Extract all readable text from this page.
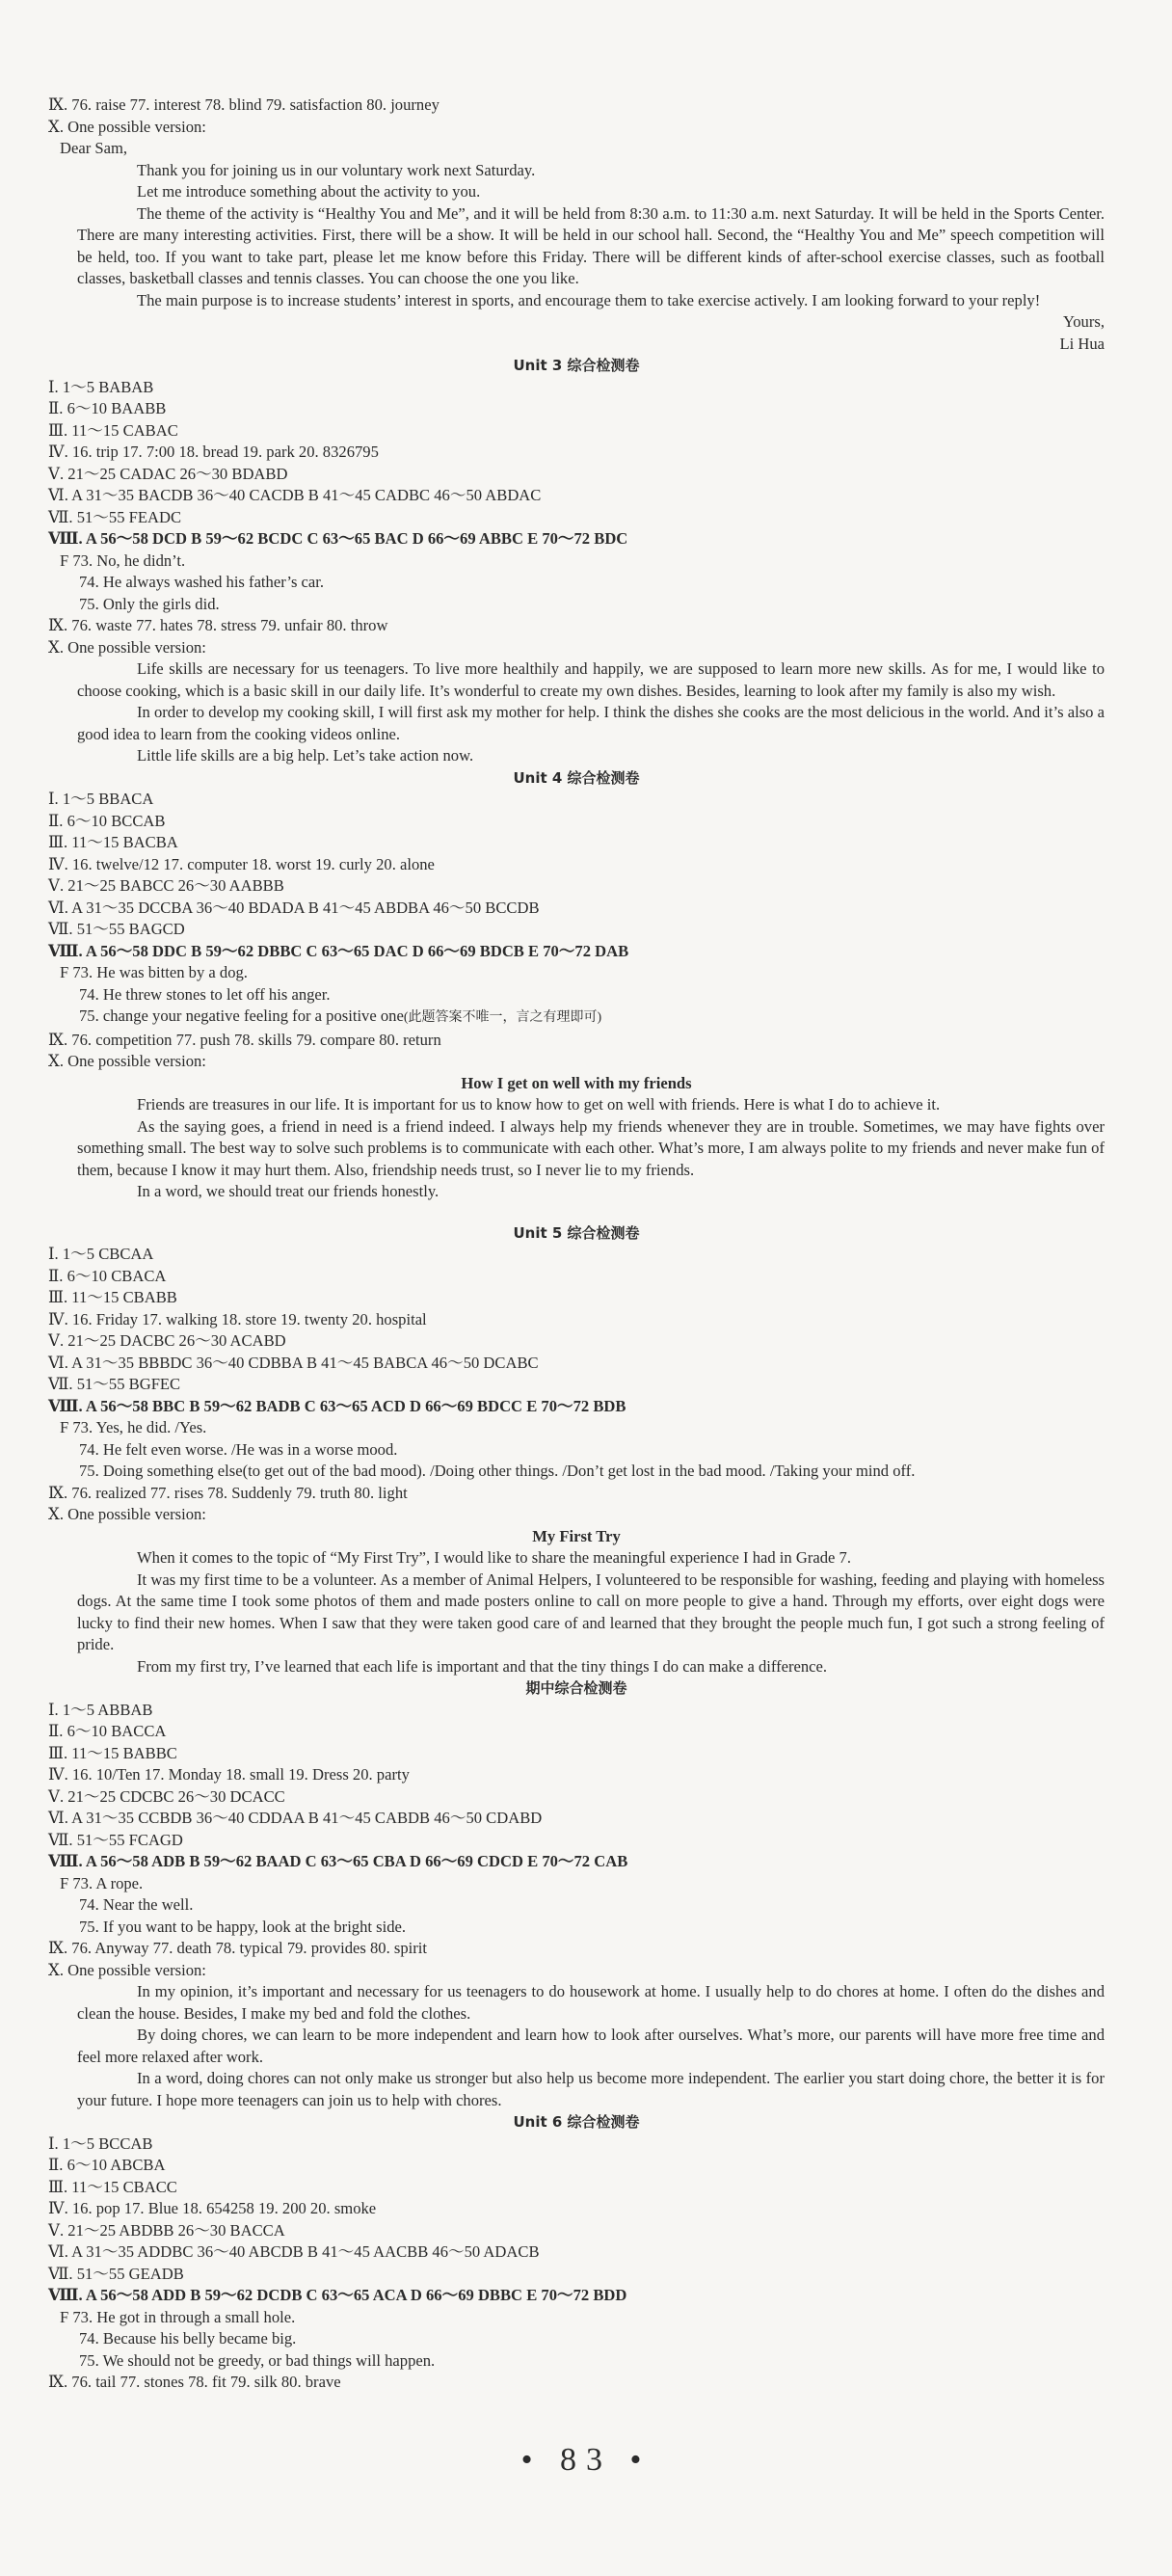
Ⅸ. 76. raise 77. interest 78. blind 79. satisfaction 80. journey
Ⅹ. One possible version:
Dear Sam,
Thank you for joining us in our voluntary work next Saturday.
Let me introduce something about the activity to you.
The theme of the activity is “Healthy You and Me”, and it will be held from 8:30 a.m. to 11:30 a.m. next Saturday. It will be held in the Sports Center. There are many interesting activities. First, there will be a show. It will be held in our school hall. Second, the “Healthy You and Me” speech competition will be held, too. If you want to take part, please let me know before this Friday. There will be different kinds of after-school exercise classes, such as football classes, basketball classes and tennis classes. You can choose the one you like.
The main purpose is to increase students’ interest in sports, and encourage them to take exercise actively. I am looking forward to your reply!
Yours,
Li Hua
Unit 3 综合检测卷
Ⅰ. 1～5 BABAB
Ⅱ. 6～10 BAABB
Ⅲ. 11～15 CABAC
Ⅳ. 16. trip 17. 7:00 18. bread 19. park 20. 8326795
Ⅴ. 21～25 CADAC 26～30 BDABD
Ⅵ. A 31～35 BACDB 36～40 CACDB B 41～45 CADBC 46～50 ABDAC
Ⅶ. 51～55 FEADC
Ⅷ. A 56～58 DCD B 59～62 BCDC C 63～65 BAC D 66～69 ABBC E 70～72 BDC
F 73. No, he didn’t.
74. He always washed his father’s car.
75. Only the girls did.
Ⅸ. 76. waste 77. hates 78. stress 79. unfair 80. throw
Ⅹ. One possible version:
Life skills are necessary for us teenagers. To live more healthily and happily, we are supposed to learn more new skills. As for me, I would like to choose cooking, which is a basic skill in our daily life. It’s wonderful to create my own dishes. Besides, learning to look after my family is also my wish.
In order to develop my cooking skill, I will first ask my mother for help. I think the dishes she cooks are the most delicious in the world. And it’s also a good idea to learn from the cooking videos online.
Little life skills are a big help. Let’s take action now.
Unit 4 综合检测卷
Ⅰ. 1～5 BBACA
Ⅱ. 6～10 BCCAB
Ⅲ. 11～15 BACBA
Ⅳ. 16. twelve/12 17. computer 18. worst 19. curly 20. alone
Ⅴ. 21～25 BABCC 26～30 AABBB
Ⅵ. A 31～35 DCCBA 36～40 BDADA B 41～45 ABDBA 46～50 BCCDB
Ⅶ. 51～55 BAGCD
Ⅷ. A 56～58 DDC B 59～62 DBBC C 63～65 DAC D 66～69 BDCB E 70～72 DAB
F 73. He was bitten by a dog.
74. He threw stones to let off his anger.
75. change your negative feeling for a positive one(此题答案不唯一，言之有理即可)
Ⅸ. 76. competition 77. push 78. skills 79. compare 80. return
Ⅹ. One possible version:
How I get on well with my friends
Friends are treasures in our life. It is important for us to know how to get on well with friends. Here is what I do to achieve it.
As the saying goes, a friend in need is a friend indeed. I always help my friends whenever they are in trouble. Sometimes, we may have fights over something small. The best way to solve such problems is to communicate with each other. What’s more, I am always polite to my friends and never make fun of them, because I know it may hurt them. Also, friendship needs trust, so I never lie to my friends.
In a word, we should treat our friends honestly.
Unit 5 综合检测卷
Ⅰ. 1～5 CBCAA
Ⅱ. 6～10 CBACA
Ⅲ. 11～15 CBABB
Ⅳ. 16. Friday 17. walking 18. store 19. twenty 20. hospital
Ⅴ. 21～25 DACBC 26～30 ACABD
Ⅵ. A 31～35 BBBDC 36～40 CDBBA B 41～45 BABCA 46～50 DCABC
Ⅶ. 51～55 BGFEC
Ⅷ. A 56～58 BBC B 59～62 BADB C 63～65 ACD D 66～69 BDCC E 70～72 BDB
F 73. Yes, he did. /Yes.
74. He felt even worse. /He was in a worse mood.
75. Doing something else(to get out of the bad mood). /Doing other things. /Don’t get lost in the bad mood. /Taking your mind off.
Ⅸ. 76. realized 77. rises 78. Suddenly 79. truth 80. light
Ⅹ. One possible version:
My First Try
When it comes to the topic of “My First Try”, I would like to share the meaningful experience I had in Grade 7.
It was my first time to be a volunteer. As a member of Animal Helpers, I volunteered to be responsible for washing, feeding and playing with homeless dogs. At the same time I took some photos of them and made posters online to call on more people to give a hand. Through my efforts, over eight dogs were lucky to find their new homes. When I saw that they were taken good care of and learned that they brought the people much fun, I got such a strong feeling of pride.
From my first try, I’ve learned that each life is important and that the tiny things I do can make a difference.
期中综合检测卷
Ⅰ. 1～5 ABBAB
Ⅱ. 6～10 BACCA
Ⅲ. 11～15 BABBC
Ⅳ. 16. 10/Ten 17. Monday 18. small 19. Dress 20. party
Ⅴ. 21～25 CDCBC 26～30 DCACC
Ⅵ. A 31～35 CCBDB 36～40 CDDAA B 41～45 CABDB 46～50 CDABD
Ⅶ. 51～55 FCAGD
Ⅷ. A 56～58 ADB B 59～62 BAAD C 63～65 CBA D 66～69 CDCD E 70～72 CAB
F 73. A rope.
74. Near the well.
75. If you want to be happy, look at the bright side.
Ⅸ. 76. Anyway 77. death 78. typical 79. provides 80. spirit
Ⅹ. One possible version:
In my opinion, it’s important and necessary for us teenagers to do housework at home. I usually help to do chores at home. I often do the dishes and clean the house. Besides, I make my bed and fold the clothes.
By doing chores, we can learn to be more independent and learn how to look after ourselves. What’s more, our parents will have more free time and feel more relaxed after work.
In a word, doing chores can not only make us stronger but also help us become more independent. The earlier you start doing chore, the better it is for your future. I hope more teenagers can join us to help with chores.
Unit 6 综合检测卷
Ⅰ. 1～5 BCCAB
Ⅱ. 6～10 ABCBA
Ⅲ. 11～15 CBACC
Ⅳ. 16. pop 17. Blue 18. 654258 19. 200 20. smoke
Ⅴ. 21～25 ABDBB 26～30 BACCA
Ⅵ. A 31～35 ADDBC 36～40 ABCDB B 41～45 AACBB 46～50 ADACB
Ⅶ. 51～55 GEADB
Ⅷ. A 56～58 ADD B 59～62 DCDB C 63～65 ACA D 66～69 DBBC E 70～72 BDD
F 73. He got in through a small hole.
74. Because his belly became big.
75. We should not be greedy, or bad things will happen.
Ⅸ. 76. tail 77. stones 78. fit 79. silk 80. brave
• 83 •
